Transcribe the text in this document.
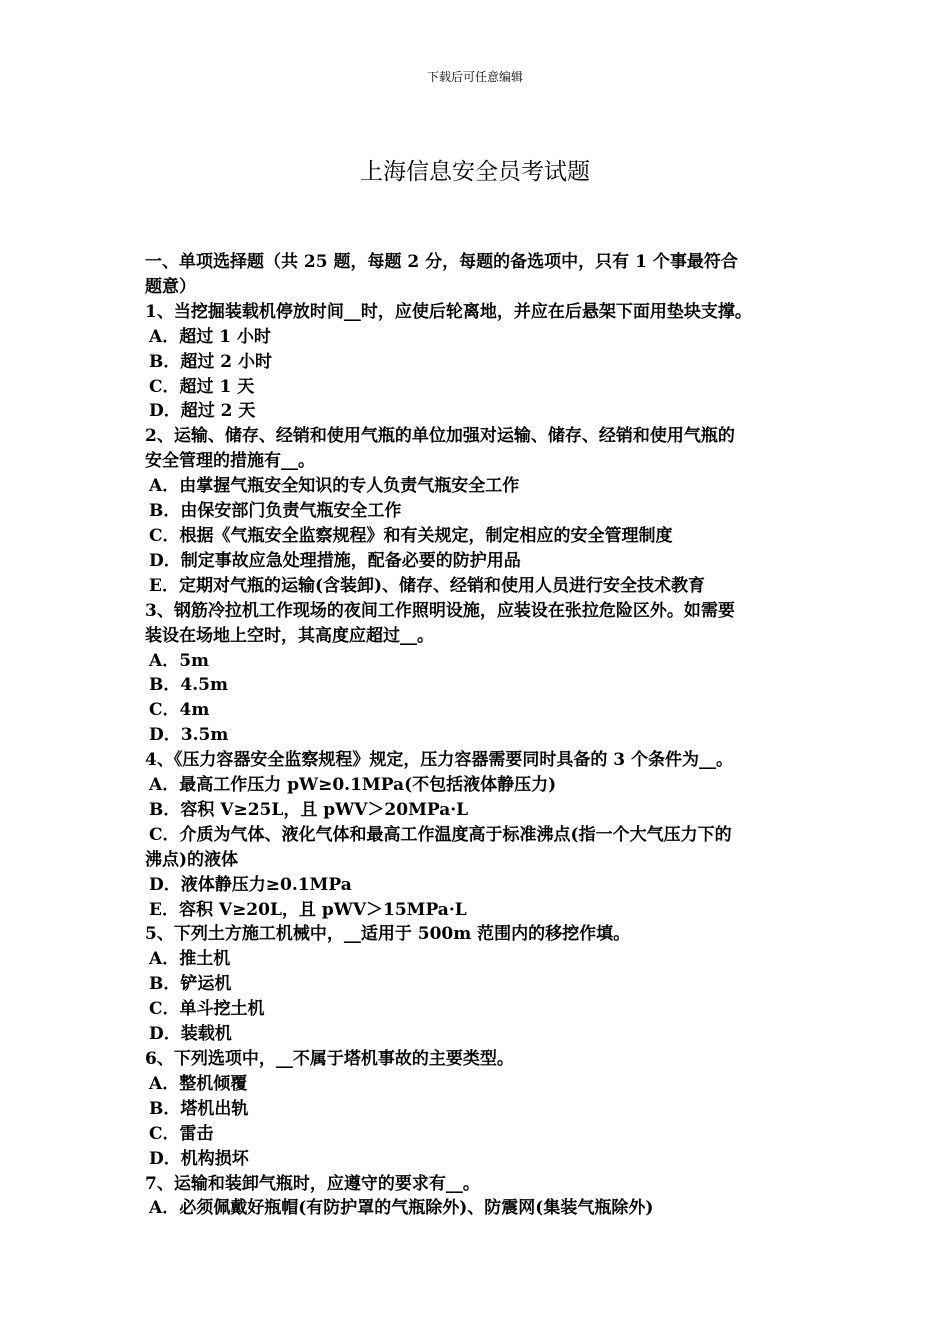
下载后可任意编辑
上海信息安全员考试题
一、单项选择题（共 25 题，每题 2 分，每题的备选项中，只有 1 个事最符合
题意）
1、当挖掘装载机停放时间__时，应使后轮离地，并应在后悬架下面用垫块支撑。
A．超过 1 小时
B．超过 2 小时
C．超过 1 天
D．超过 2 天
2、运输、储存、经销和使用气瓶的单位加强对运输、储存、经销和使用气瓶的
安全管理的措施有__。
A．由掌握气瓶安全知识的专人负责气瓶安全工作
B．由保安部门负责气瓶安全工作
C．根据《气瓶安全监察规程》和有关规定，制定相应的安全管理制度
D．制定事故应急处理措施，配备必要的防护用品
E．定期对气瓶的运输(含装卸)、储存、经销和使用人员进行安全技术教育
3、钢筋冷拉机工作现场的夜间工作照明设施，应装设在张拉危险区外。如需要
装设在场地上空时，其高度应超过__。
A．5m
B．4.5m
C．4m
D．3.5m
4、《压力容器安全监察规程》规定，压力容器需要同时具备的 3 个条件为__。
A．最高工作压力 pW≥0.1MPa(不包括液体静压力)
B．容积 V≥25L，且 pWV＞20MPa·L
C．介质为气体、液化气体和最高工作温度高于标准沸点(指一个大气压力下的
沸点)的液体
D．液体静压力≥0.1MPa
E．容积 V≥20L，且 pWV＞15MPa·L
5、下列土方施工机械中，__适用于 500m 范围内的移挖作填。
A．推土机
B．铲运机
C．单斗挖土机
D．装载机
6、下列选项中，__不属于塔机事故的主要类型。
A．整机倾覆
B．塔机出轨
C．雷击
D．机构损坏
7、运输和装卸气瓶时，应遵守的要求有__。
A．必须佩戴好瓶帽(有防护罩的气瓶除外)、防震网(集装气瓶除外)
